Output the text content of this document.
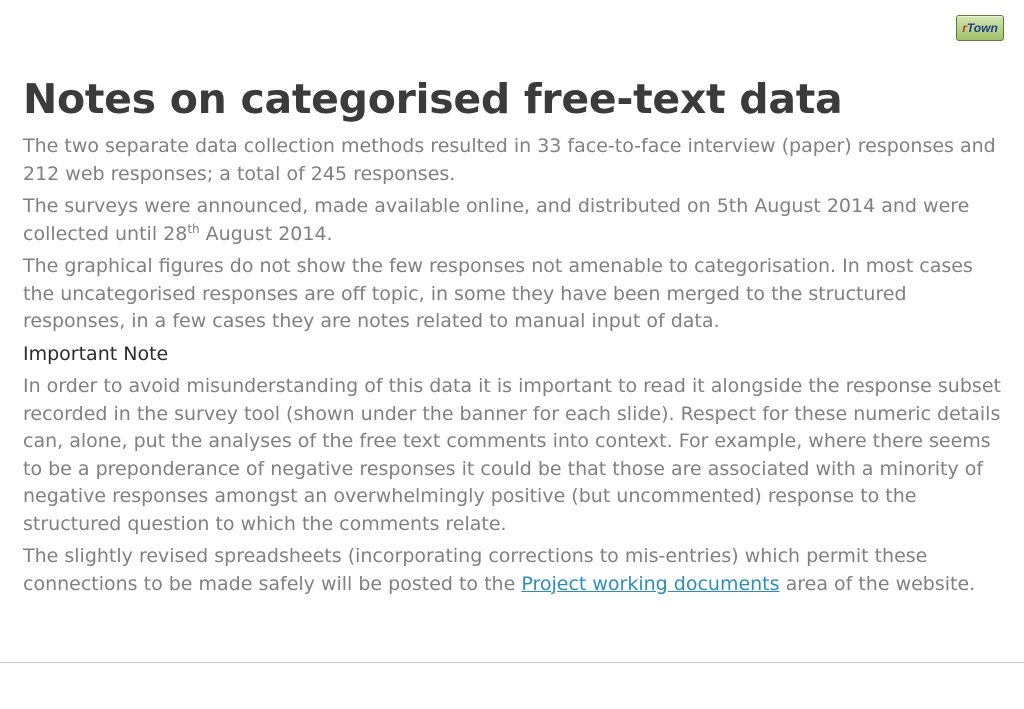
r Town
Notes on categorised free-text data

The two separate data collection methods resulted in 33 face-to-face interview (paper) responses and 212 web responses; a total of 245 responses.

The surveys were announced, made available online, and distributed on 5th August 2014 and were collected until 28th August 2014.

The graphical figures do not show the few responses not amenable to categorisation. In most cases the uncategorised responses are off topic, in some they have been merged to the structured responses, in a few cases they are notes related to manual input of data.

Important Note

In order to avoid misunderstanding of this data it is important to read it alongside the response subset recorded in the survey tool (shown under the banner for each slide). Respect for these numeric details can, alone, put the analyses of the free text comments into context. For example, where there seems to be a preponderance of negative responses it could be that those are associated with a minority of negative responses amongst an overwhelmingly positive (but uncommented) response to the structured question to which the comments relate.

The slightly revised spreadsheets (incorporating corrections to mis-entries) which permit these connections to be made safely will be posted to the Project working documents area of the website.
